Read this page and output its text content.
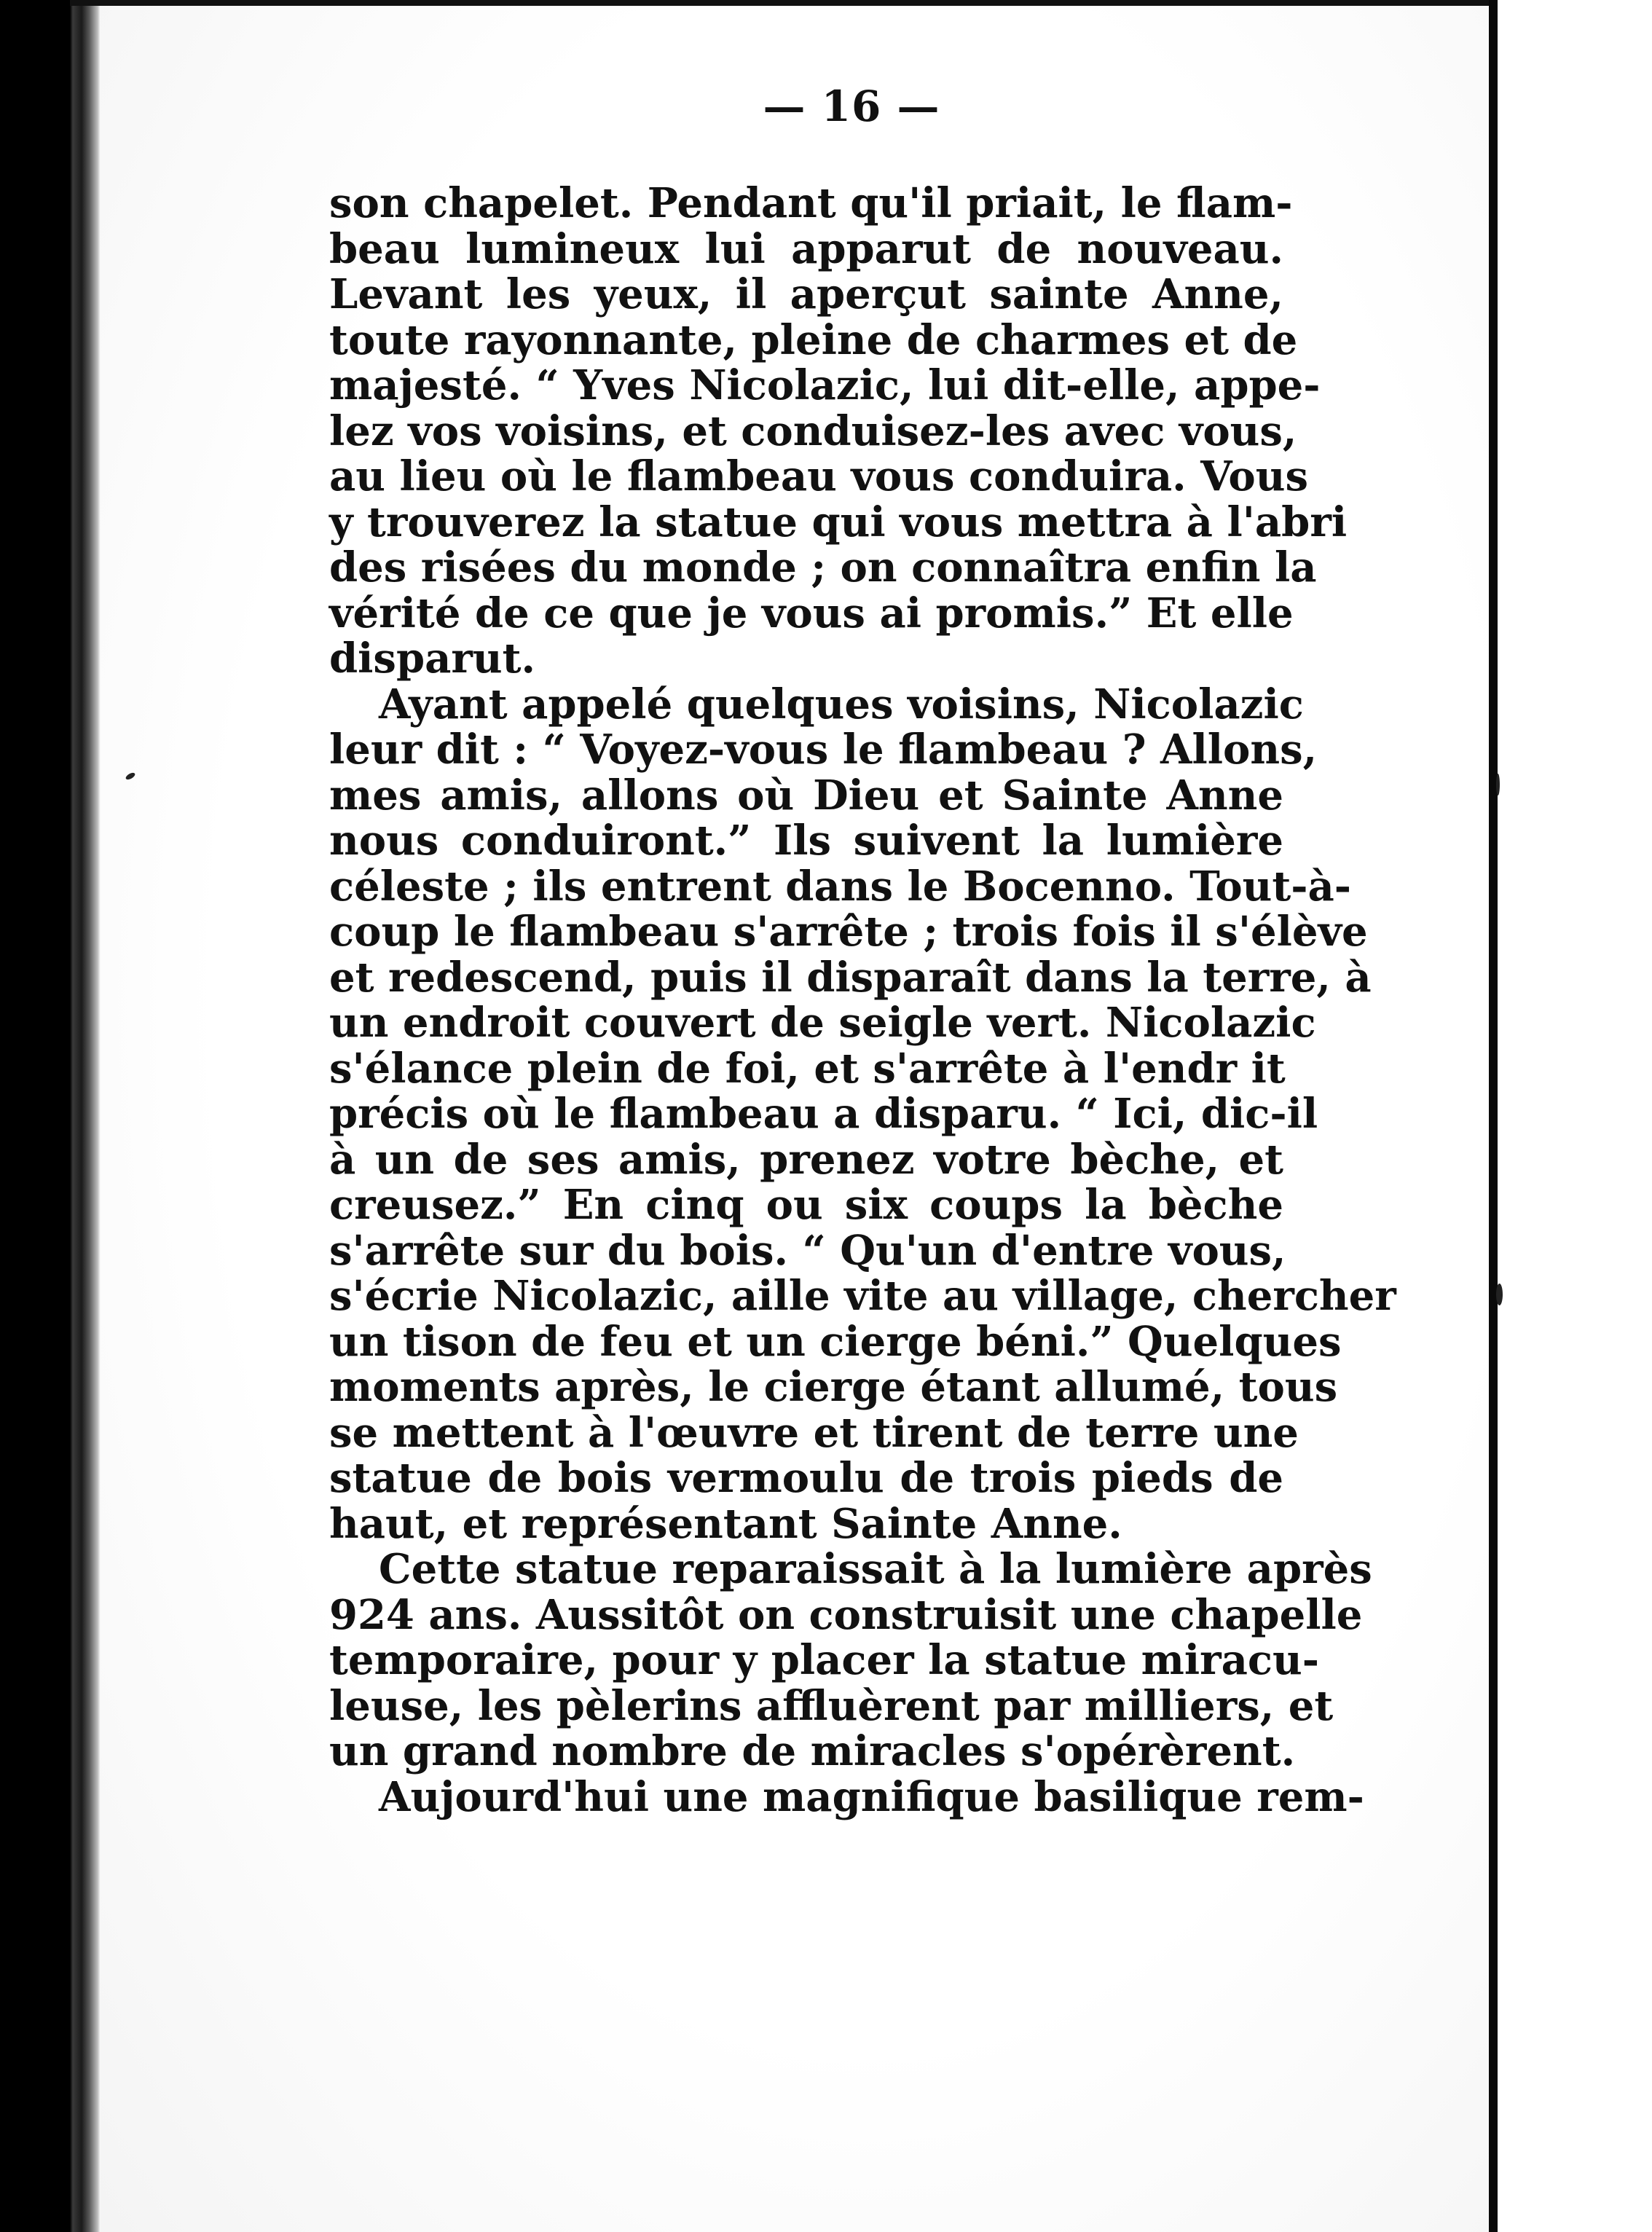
— 16 —
son chapelet. Pendant qu'il priait, le flam-
beau lumineux lui apparut de nouveau.
Levant les yeux, il aperçut sainte Anne,
toute rayonnante, pleine de charmes et de
majesté. “ Yves Nicolazic, lui dit-elle, appe-
lez vos voisins, et conduisez-les avec vous,
au lieu où le flambeau vous conduira. Vous
y trouverez la statue qui vous mettra à l'abri
des risées du monde ; on connaîtra enfin la
vérité de ce que je vous ai promis.” Et elle
disparut.
Ayant appelé quelques voisins, Nicolazic
leur dit : “ Voyez-vous le flambeau ? Allons,
mes amis, allons où Dieu et Sainte Anne
nous conduiront.” Ils suivent la lumière
céleste ; ils entrent dans le Bocenno. Tout-à-
coup le flambeau s'arrête ; trois fois il s'élève
et redescend, puis il disparaît dans la terre, à
un endroit couvert de seigle vert. Nicolazic
s'élance plein de foi, et s'arrête à l'endr it
précis où le flambeau a disparu. “ Ici, dic-il
à un de ses amis, prenez votre bèche, et
creusez.” En cinq ou six coups la bèche
s'arrête sur du bois. “ Qu'un d'entre vous,
s'écrie Nicolazic, aille vite au village, chercher
un tison de feu et un cierge béni.” Quelques
moments après, le cierge étant allumé, tous
se mettent à l'œuvre et tirent de terre une
statue de bois vermoulu de trois pieds de
haut, et représentant Sainte Anne.
Cette statue reparaissait à la lumière après
924 ans. Aussitôt on construisit une chapelle
temporaire, pour y placer la statue miracu-
leuse, les pèlerins affluèrent par milliers, et
un grand nombre de miracles s'opérèrent.
Aujourd'hui une magnifique basilique rem-
